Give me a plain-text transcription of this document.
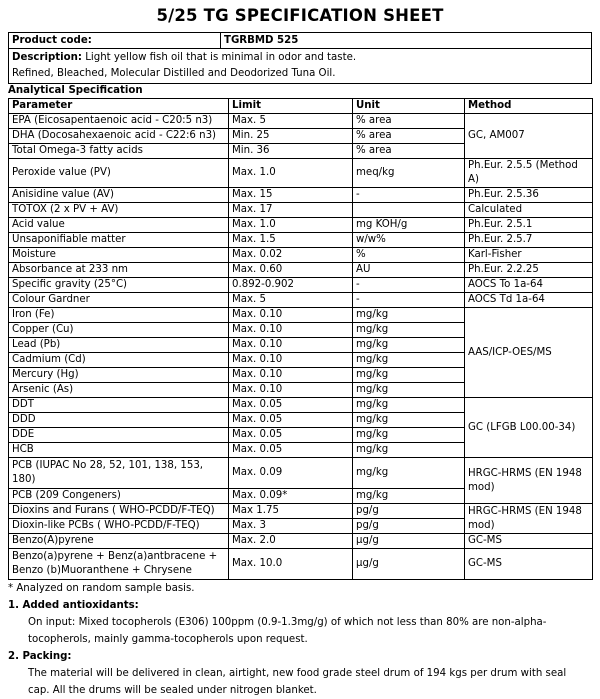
5/25 TG SPECIFICATION SHEET
Product code:	TGRBMD 525
Description: Light yellow fish oil that is minimal in odor and taste.
Refined, Bleached, Molecular Distilled and Deodorized Tuna Oil.
Analytical Specification
Parameter	Limit	Unit	Method
EPA (Eicosapentaenoic acid - C20:5 n3)	Max. 5	% area	GC, AM007
DHA (Docosahexaenoic acid - C22:6 n3)	Min. 25	% area	
Total Omega-3 fatty acids	Min. 36	% area	
Peroxide value (PV)	Max. 1.0	meq/kg	Ph.Eur. 2.5.5 (Method A)
Anisidine value (AV)	Max. 15	-	Ph.Eur. 2.5.36
TOTOX (2 x PV + AV)	Max. 17		Calculated
Acid value	Max. 1.0	mg KOH/g	Ph.Eur. 2.5.1
Unsaponifiable matter	Max. 1.5	w/w%	Ph.Eur. 2.5.7
Moisture	Max. 0.02	%	Karl-Fisher
Absorbance at 233 nm	Max. 0.60	AU	Ph.Eur. 2.2.25
Specific gravity (25°C)	0.892-0.902	-	AOCS To 1a-64
Colour Gardner	Max. 5	-	AOCS Td 1a-64
Iron (Fe)	Max. 0.10	mg/kg	AAS/ICP-OES/MS
Copper (Cu)	Max. 0.10	mg/kg	
Lead (Pb)	Max. 0.10	mg/kg	
Cadmium (Cd)	Max. 0.10	mg/kg	
Mercury (Hg)	Max. 0.10	mg/kg	
Arsenic (As)	Max. 0.10	mg/kg	
DDT	Max. 0.05	mg/kg	GC (LFGB L00.00-34)
DDD	Max. 0.05	mg/kg	
DDE	Max. 0.05	mg/kg	
HCB	Max. 0.05	mg/kg	
PCB (IUPAC No 28, 52, 101, 138, 153, 180)	Max. 0.09	mg/kg	HRGC-HRMS (EN 1948 mod)
PCB (209 Congeners)	Max. 0.09*	mg/kg	
Dioxins and Furans ( WHO-PCDD/F-TEQ)	Max 1.75	pg/g	HRGC-HRMS (EN 1948 mod)
Dioxin-like PCBs ( WHO-PCDD/F-TEQ)	Max. 3	pg/g	
Benzo(A)pyrene	Max. 2.0	µg/g	GC-MS
Benzo(a)pyrene + Benz(a)antbracene + Benzo (b)Muoranthene + Chrysene	Max. 10.0	µg/g	GC-MS
* Analyzed on random sample basis.
1. Added antioxidants:
On input: Mixed tocopherols (E306) 100ppm (0.9-1.3mg/g) of which not less than 80% are non-alpha-
tocopherols, mainly gamma-tocopherols upon request.
2. Packing:
The material will be delivered in clean, airtight, new food grade steel drum of 194 kgs per drum with seal
cap. All the drums will be sealed under nitrogen blanket.
